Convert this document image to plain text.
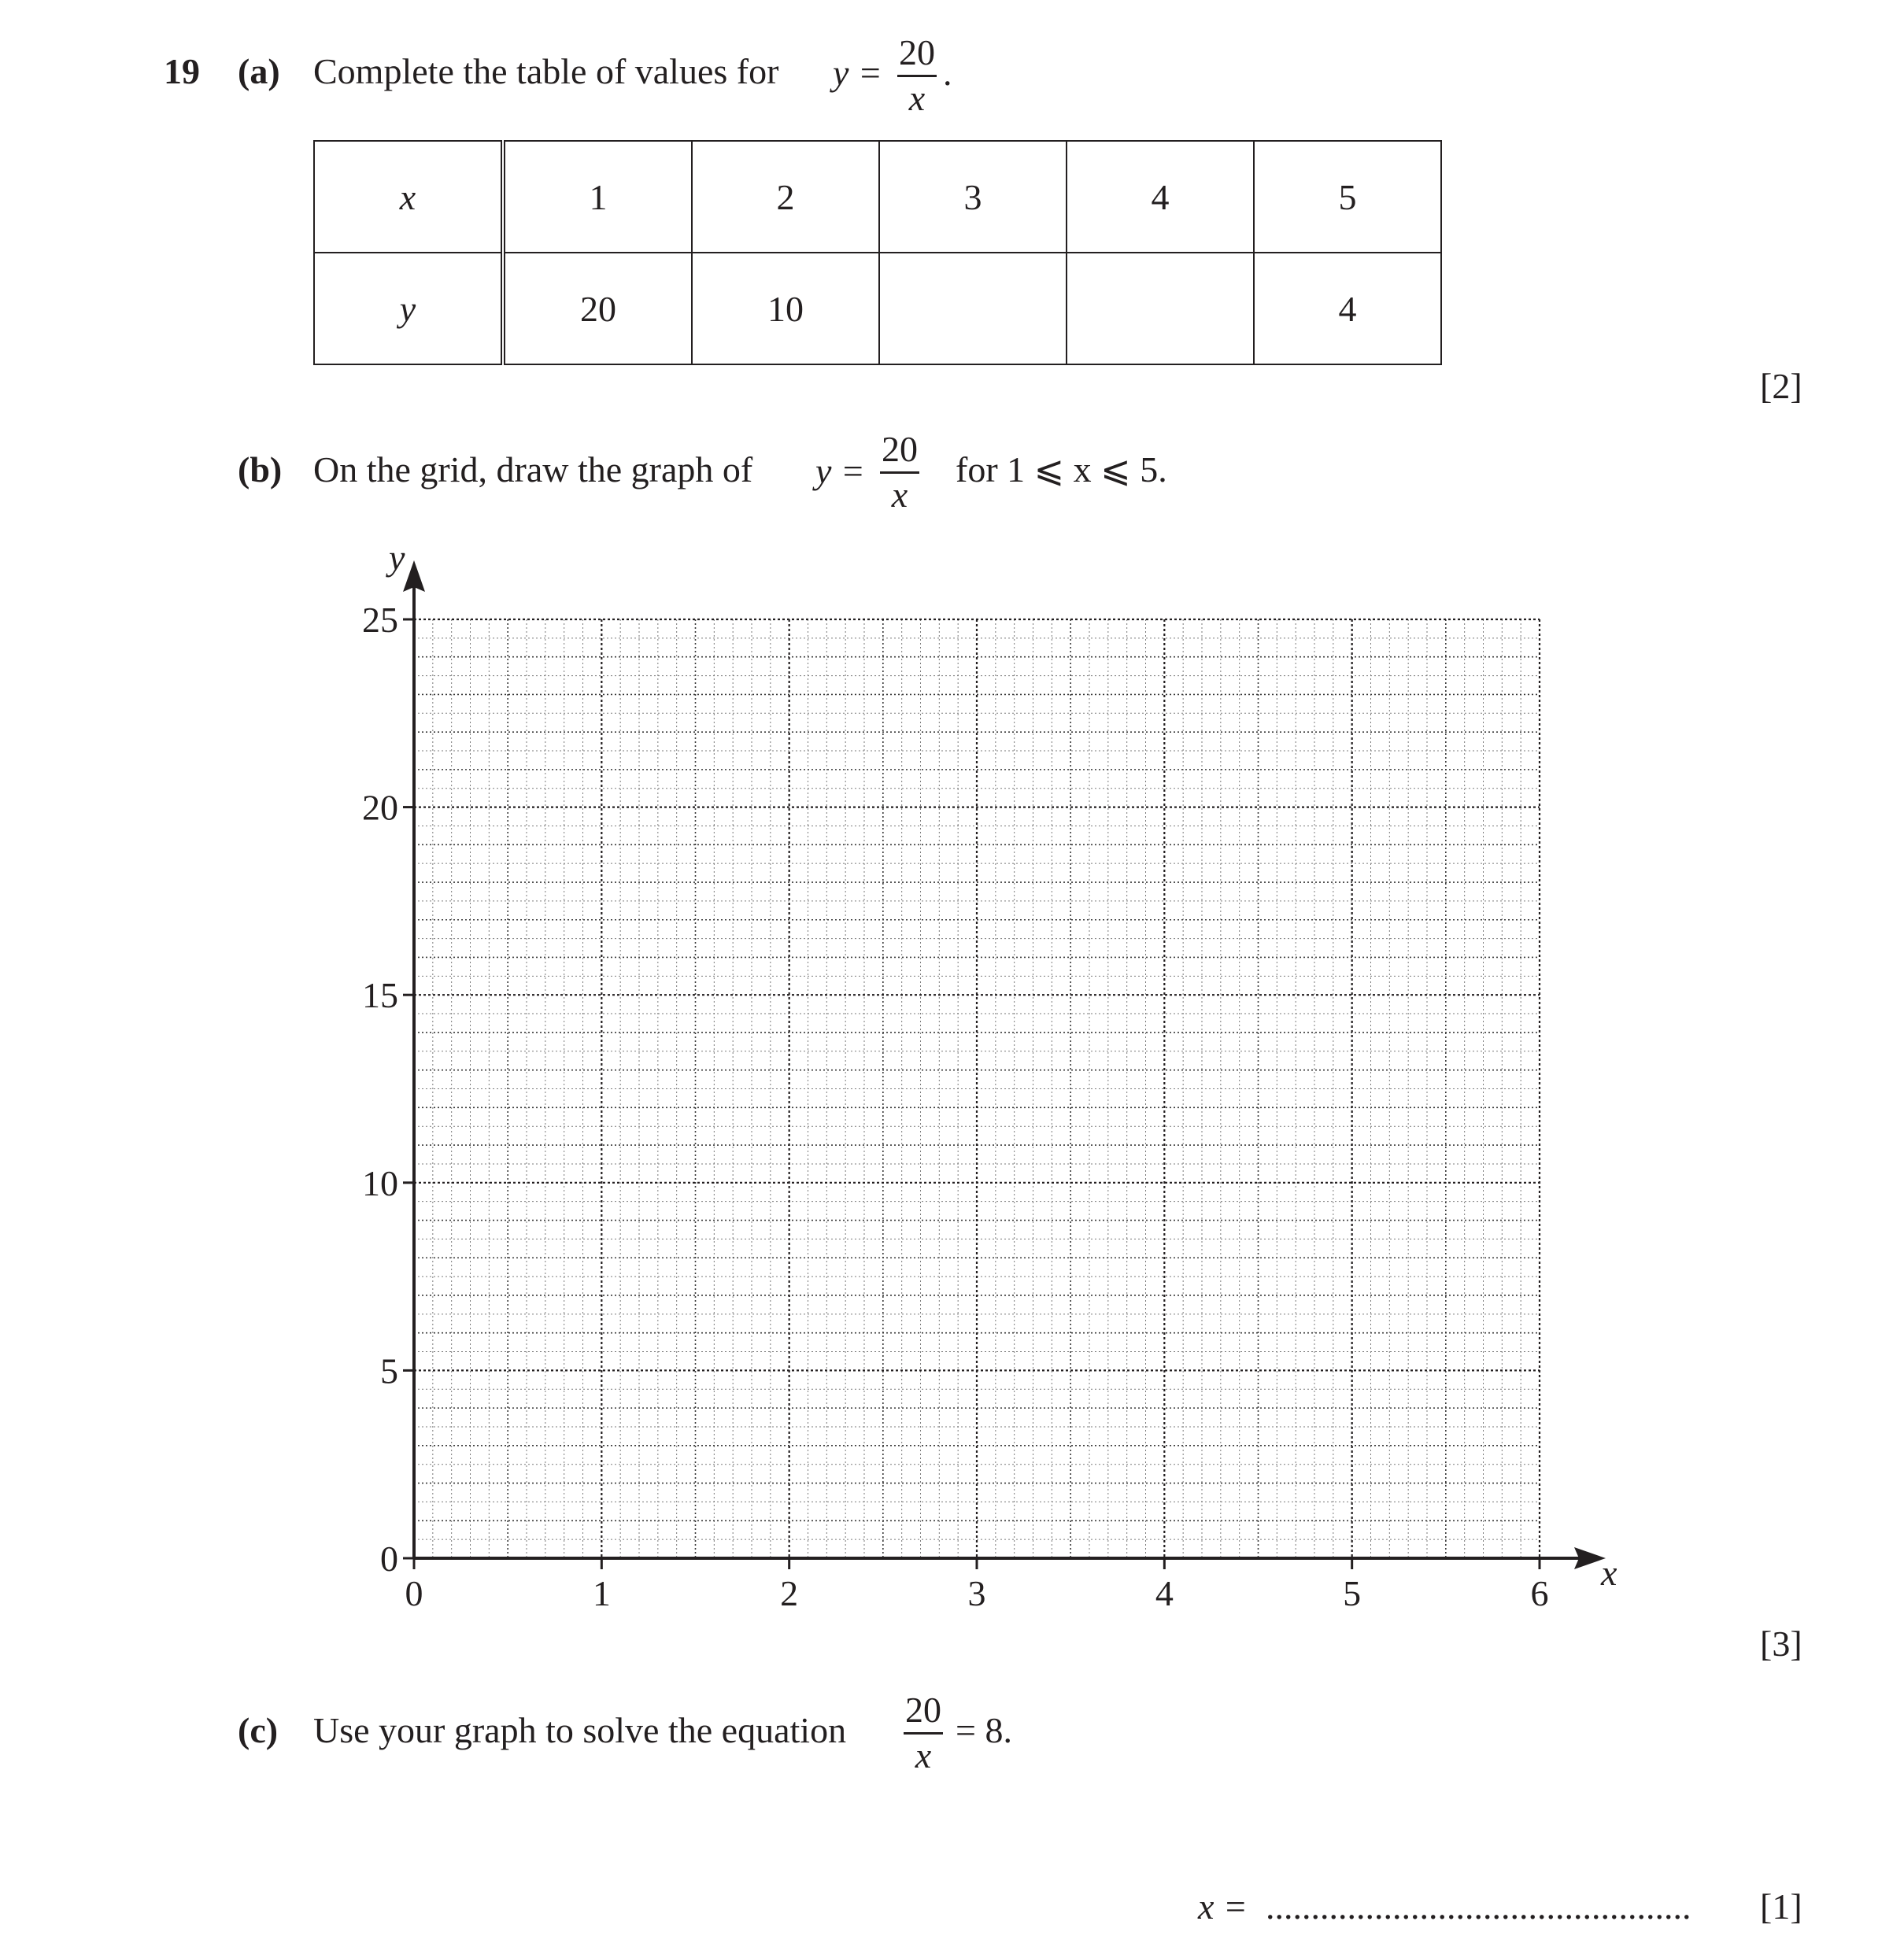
19 (a) Complete the table of values for y =
20
x
.
x	1	2	3	4	5
y	20	10			4
[2]
(b) On the grid, draw the graph of y =
20
x
for 1 ⩽ x ⩽ 5.
0	1	2	3	4	5	6
0
5
10
15
20
25
x
y
[3]
(c) Use your graph to solve the equation
20
x
= 8.
x = ...............................................	[1]
